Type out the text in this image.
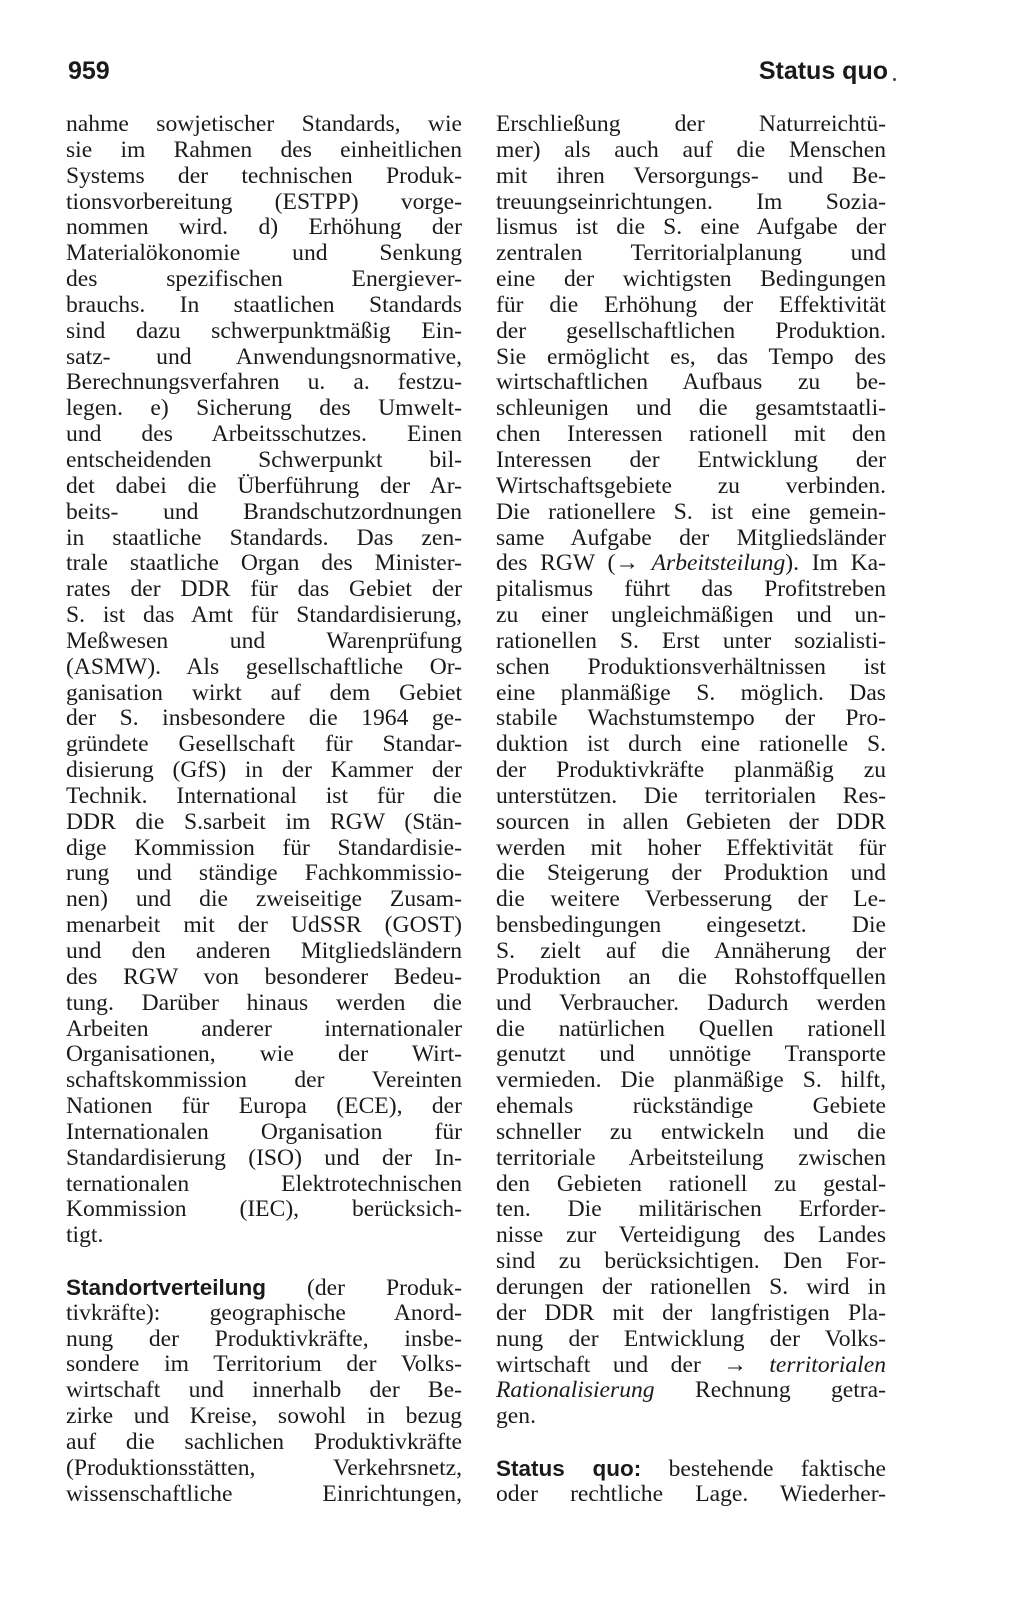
959	Status quo

nahme sowjetischer Standards, wie
sie im Rahmen des einheitlichen
Systems der technischen Produk-
tionsvorbereitung (ESTPP) vorge-
nommen wird. d) Erhöhung der
Materialökonomie und Senkung
des spezifischen Energiever-
brauchs. In staatlichen Standards
sind dazu schwerpunktmäßig Ein-
satz- und Anwendungsnormative,
Berechnungsverfahren u. a. festzu-
legen. e) Sicherung des Umwelt-
und des Arbeitsschutzes. Einen
entscheidenden Schwerpunkt bil-
det dabei die Überführung der Ar-
beits- und Brandschutzordnungen
in staatliche Standards. Das zen-
trale staatliche Organ des Minister-
rates der DDR für das Gebiet der
S. ist das Amt für Standardisierung,
Meßwesen und Warenprüfung
(ASMW). Als gesellschaftliche Or-
ganisation wirkt auf dem Gebiet
der S. insbesondere die 1964 ge-
gründete Gesellschaft für Standar-
disierung (GfS) in der Kammer der
Technik. International ist für die
DDR die S.sarbeit im RGW (Stän-
dige Kommission für Standardisie-
rung und ständige Fachkommissio-
nen) und die zweiseitige Zusam-
menarbeit mit der UdSSR (GOST)
und den anderen Mitgliedsländern
des RGW von besonderer Bedeu-
tung. Darüber hinaus werden die
Arbeiten anderer internationaler
Organisationen, wie der Wirt-
schaftskommission der Vereinten
Nationen für Europa (ECE), der
Internationalen Organisation für
Standardisierung (ISO) und der In-
ternationalen Elektrotechnischen
Kommission (IEC), berücksich-
tigt.

Standortverteilung (der Produk-
tivkräfte): geographische Anord-
nung der Produktivkräfte, insbe-
sondere im Territorium der Volks-
wirtschaft und innerhalb der Be-
zirke und Kreise, sowohl in bezug
auf die sachlichen Produktivkräfte
(Produktionsstätten, Verkehrsnetz,
wissenschaftliche Einrichtungen,

Erschließung der Naturreichtü-
mer) als auch auf die Menschen
mit ihren Versorgungs- und Be-
treuungseinrichtungen. Im Sozia-
lismus ist die S. eine Aufgabe der
zentralen Territorialplanung und
eine der wichtigsten Bedingungen
für die Erhöhung der Effektivität
der gesellschaftlichen Produktion.
Sie ermöglicht es, das Tempo des
wirtschaftlichen Aufbaus zu be-
schleunigen und die gesamtstaatli-
chen Interessen rationell mit den
Interessen der Entwicklung der
Wirtschaftsgebiete zu verbinden.
Die rationellere S. ist eine gemein-
same Aufgabe der Mitgliedsländer
des RGW (→ Arbeitsteilung). Im Ka-
pitalismus führt das Profitstreben
zu einer ungleichmäßigen und un-
rationellen S. Erst unter sozialisti-
schen Produktionsverhältnissen ist
eine planmäßige S. möglich. Das
stabile Wachstumstempo der Pro-
duktion ist durch eine rationelle S.
der Produktivkräfte planmäßig zu
unterstützen. Die territorialen Res-
sourcen in allen Gebieten der DDR
werden mit hoher Effektivität für
die Steigerung der Produktion und
die weitere Verbesserung der Le-
bensbedingungen eingesetzt. Die
S. zielt auf die Annäherung der
Produktion an die Rohstoffquellen
und Verbraucher. Dadurch werden
die natürlichen Quellen rationell
genutzt und unnötige Transporte
vermieden. Die planmäßige S. hilft,
ehemals rückständige Gebiete
schneller zu entwickeln und die
territoriale Arbeitsteilung zwischen
den Gebieten rationell zu gestal-
ten. Die militärischen Erforder-
nisse zur Verteidigung des Landes
sind zu berücksichtigen. Den For-
derungen der rationellen S. wird in
der DDR mit der langfristigen Pla-
nung der Entwicklung der Volks-
wirtschaft und der → territorialen
Rationalisierung Rechnung getra-
gen.

Status quo: bestehende faktische
oder rechtliche Lage. Wiederher-
